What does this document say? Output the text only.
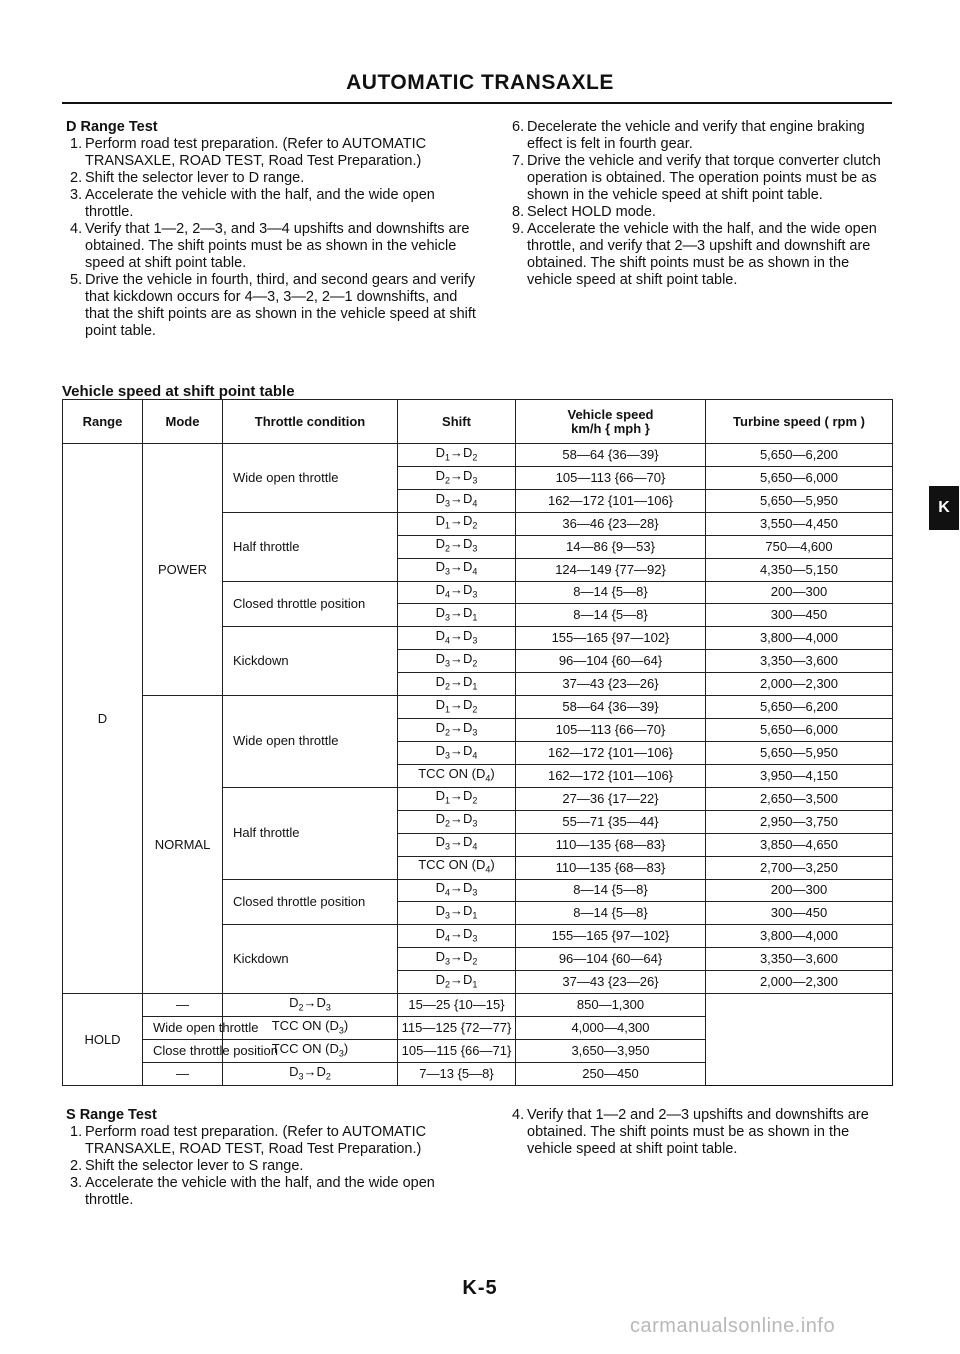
AUTOMATIC TRANSAXLE
D Range Test
1. Perform road test preparation. (Refer to AUTOMATIC TRANSAXLE, ROAD TEST, Road Test Preparation.)
2. Shift the selector lever to D range.
3. Accelerate the vehicle with the half, and the wide open throttle.
4. Verify that 1—2, 2—3, and 3—4 upshifts and downshifts are obtained. The shift points must be as shown in the vehicle speed at shift point table.
5. Drive the vehicle in fourth, third, and second gears and verify that kickdown occurs for 4—3, 3—2, 2—1 downshifts, and that the shift points are as shown in the vehicle speed at shift point table.
6. Decelerate the vehicle and verify that engine braking effect is felt in fourth gear.
7. Drive the vehicle and verify that torque converter clutch operation is obtained. The operation points must be as shown in the vehicle speed at shift point table.
8. Select HOLD mode.
9. Accelerate the vehicle with the half, and the wide open throttle, and verify that 2—3 upshift and downshift are obtained. The shift points must be as shown in the vehicle speed at shift point table.
Vehicle speed at shift point table
Range	Mode	Throttle condition	Shift	Vehicle speed
km/h { mph }	Turbine speed ( rpm )
D	POWER	Wide open throttle	$D_1\to D_2$	58—64 {36—39}	5,650—6,200
			$D_2\to D_3$	105—113 {66—70}	5,650—6,000
			$D_3\to D_4$	162—172 {101—106}	5,650—5,950
		Half throttle	$D_1\to D_2$	36—46 {23—28}	3,550—4,450
			$D_2\to D_3$	14—86 {9—53}	750—4,600
			$D_3\to D_4$	124—149 {77—92}	4,350—5,150
		Closed throttle position	$D_4\to D_3$	8—14 {5—8}	200—300
			$D_3\to D_1$	8—14 {5—8}	300—450
		Kickdown	$D_4\to D_3$	155—165 {97—102}	3,800—4,000
			$D_3\to D_2$	96—104 {60—64}	3,350—3,600
			$D_2\to D_1$	37—43 {23—26}	2,000—2,300
	NORMAL	Wide open throttle	$D_1\to D_2$	58—64 {36—39}	5,650—6,200
			$D_2\to D_3$	105—113 {66—70}	5,650—6,000
			$D_3\to D_4$	162—172 {101—106}	5,650—5,950
			TCC ON $(D_4)$	162—172 {101—106}	3,950—4,150
		Half throttle	$D_1\to D_2$	27—36 {17—22}	2,650—3,500
			$D_2\to D_3$	55—71 {35—44}	2,950—3,750
			$D_3\to D_4$	110—135 {68—83}	3,850—4,650
			TCC ON $(D_4)$	110—135 {68—83}	2,700—3,250
		Closed throttle position	$D_4\to D_3$	8—14 {5—8}	200—300
			$D_3\to D_1$	8—14 {5—8}	300—450
		Kickdown	$D_4\to D_3$	155—165 {97—102}	3,800—4,000
			$D_3\to D_2$	96—104 {60—64}	3,350—3,600
			$D_2\to D_1$	37—43 {23—26}	2,000—2,300
HOLD	—	$D_2\to D_3$	15—25 {10—15}	850—1,300	
	Wide open throttle	TCC ON $(D_3)$	115—125 {72—77}	4,000—4,300	
	Close throttle position	TCC ON $(D_3)$	105—115 {66—71}	3,650—3,950	
	—	$D_3\to D_2$	7—13 {5—8}	250—450	
S Range Test
1. Perform road test preparation. (Refer to AUTOMATIC TRANSAXLE, ROAD TEST, Road Test Preparation.)
2. Shift the selector lever to S range.
3. Accelerate the vehicle with the half, and the wide open throttle.
4. Verify that 1—2 and 2—3 upshifts and downshifts are obtained. The shift points must be as shown in the vehicle speed at shift point table.
K
K-5
carmanualsonline.info
